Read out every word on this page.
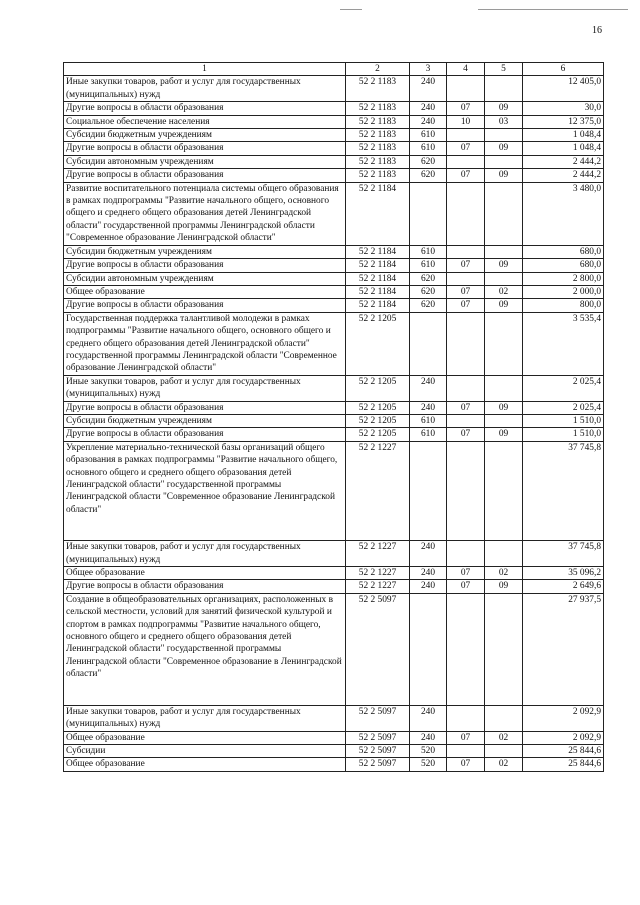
16
1	2	3	4	5	6
Иные закупки товаров, работ и услуг для государственных (муниципальных) нужд	52 2 1183	240			12 405,0
Другие вопросы в области образования	52 2 1183	240	07	09	30,0
Социальное обеспечение населения	52 2 1183	240	10	03	12 375,0
Субсидии бюджетным учреждениям	52 2 1183	610			1 048,4
Другие вопросы в области образования	52 2 1183	610	07	09	1 048,4
Субсидии автономным учреждениям	52 2 1183	620			2 444,2
Другие вопросы в области образования	52 2 1183	620	07	09	2 444,2
Развитие воспитательного потенциала системы общего образования в рамках подпрограммы "Развитие начального общего, основного общего и среднего общего образования детей Ленинградской области" государственной программы Ленинградской области "Современное образование Ленинградской области"	52 2 1184				3 480,0
Субсидии бюджетным учреждениям	52 2 1184	610			680,0
Другие вопросы в области образования	52 2 1184	610	07	09	680,0
Субсидии автономным учреждениям	52 2 1184	620			2 800,0
Общее образование	52 2 1184	620	07	02	2 000,0
Другие вопросы в области образования	52 2 1184	620	07	09	800,0
Государственная поддержка талантливой молодежи в рамках подпрограммы "Развитие начального общего, основного общего и среднего общего образования детей Ленинградской области" государственной программы Ленинградской области "Современное образование Ленинградской области"	52 2 1205				3 535,4
Иные закупки товаров, работ и услуг для государственных (муниципальных) нужд	52 2 1205	240			2 025,4
Другие вопросы в области образования	52 2 1205	240	07	09	2 025,4
Субсидии бюджетным учреждениям	52 2 1205	610			1 510,0
Другие вопросы в области образования	52 2 1205	610	07	09	1 510,0
Укрепление материально-технической базы организаций общего образования в рамках подпрограммы "Развитие начального общего, основного общего и среднего общего образования детей Ленинградской области" государственной программы Ленинградской области "Современное образование Ленинградской области"	52 2 1227				37 745,8
Иные закупки товаров, работ и услуг для государственных (муниципальных) нужд	52 2 1227	240			37 745,8
Общее образование	52 2 1227	240	07	02	35 096,2
Другие вопросы в области образования	52 2 1227	240	07	09	2 649,6
Создание в общеобразовательных организациях, расположенных в сельской местности, условий для занятий физической культурой и спортом в рамках подпрограммы "Развитие начального общего, основного общего и среднего общего образования детей Ленинградской области" государственной программы Ленинградской области "Современное образование в Ленинградской области"	52 2 5097				27 937,5
Иные закупки товаров, работ и услуг для государственных (муниципальных) нужд	52 2 5097	240			2 092,9
Общее образование	52 2 5097	240	07	02	2 092,9
Субсидии	52 2 5097	520			25 844,6
Общее образование	52 2 5097	520	07	02	25 844,6
